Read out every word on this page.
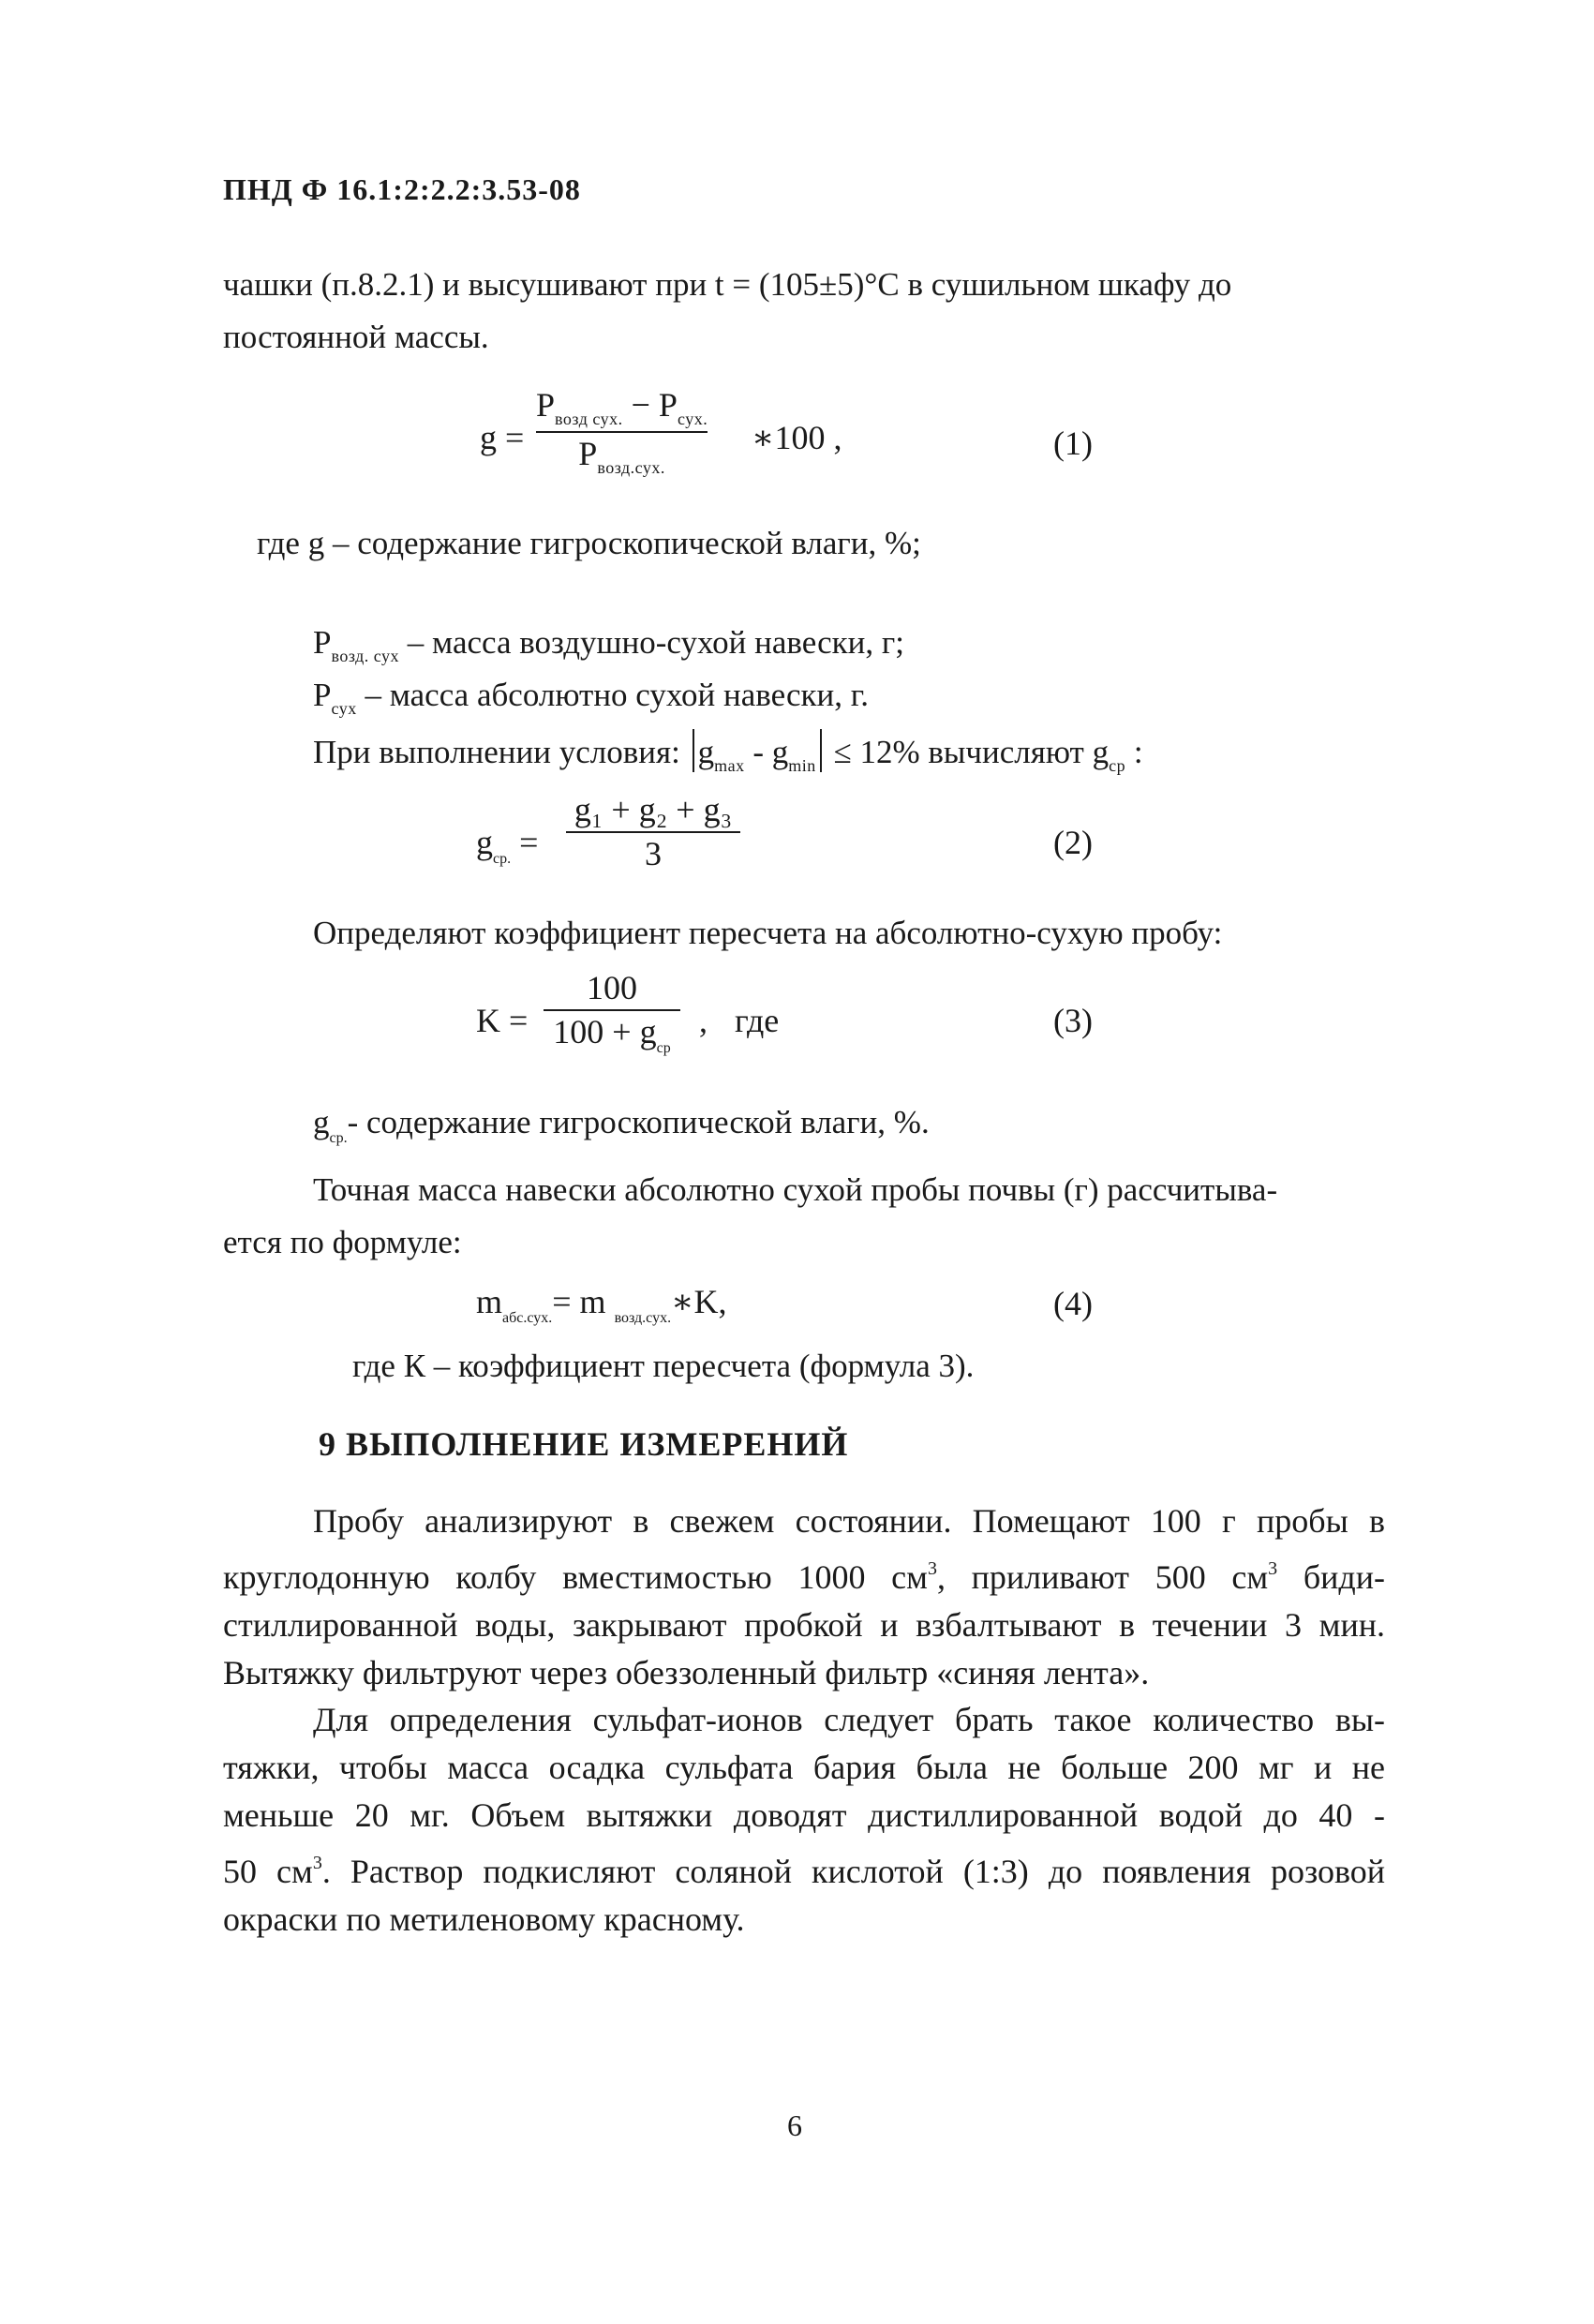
ПНД Ф 16.1:2:2.2:3.53-08
чашки (п.8.2.1) и высушивают при t = (105±5)°С в сушильном шкафу до
постоянной массы.
g =
$P_{возд сух.} - P_{сух.}$
$P_{возд.сух.}$
∗100 ,	(1)
где g – содержание гигроскопической влаги, %;
$P_{возд. сух}$ – масса воздушно-сухой навески, г;
$P_{сух}$ – масса абсолютно сухой навески, г.
При выполнении условия: $g_{max} - g_{min} \le 12\%$ вычисляют $g_{ср}$ :
$g_{ср.}$ =
g₁ + g₂ + g₃
3	(2)
Определяют коэффициент пересчета на абсолютно-сухую пробу:
K =
100
$100 + g_{ср}$
, где	(3)
$g_{ср.}-$ содержание гигроскопической влаги, %.
Точная масса навески абсолютно сухой пробы почвы (г) рассчитыва-
ется по формуле:
$m_{абс.сух.}= m$ $_{возд.сух.}$∗K,	(4)
где К – коэффициент пересчета (формула 3).
9 ВЫПОЛНЕНИЕ ИЗМЕРЕНИЙ
Пробу анализируют в свежем состоянии. Помещают 100 г пробы в
круглодонную колбу вместимостью 1000 $см^3$, приливают 500 $см^3$ биди-
стиллированной воды, закрывают пробкой и взбалтывают в течении 3 мин.
Вытяжку фильтруют через обеззоленный фильтр «синяя лента».
Для определения сульфат-ионов следует брать такое количество вы-
тяжки, чтобы масса осадка сульфата бария была не больше 200 мг и не
меньше 20 мг. Объем вытяжки доводят дистиллированной водой до 40 -
50 $см^3$. Раствор подкисляют соляной кислотой (1:3) до появления розовой
окраски по метиленовому красному.
6
